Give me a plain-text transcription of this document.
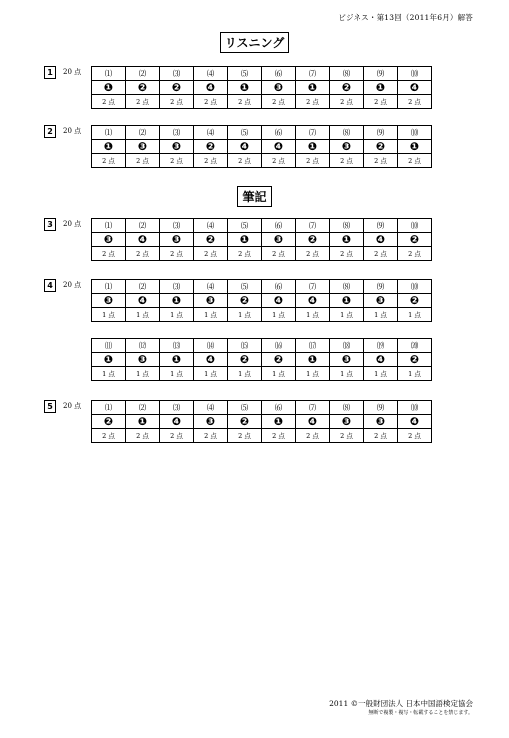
ビジネス・第13回（2011年6月）解答
リスニング
1	20 点	⑴	⑵	⑶	⑷	⑸	⑹	⑺	⑻	⑼	⑽
❶	❷	❷	❹	❶	❸	❶	❷	❶	❹
2 点	2 点	2 点	2 点	2 点	2 点	2 点	2 点	2 点	2 点
2	20 点	⑴	⑵	⑶	⑷	⑸	⑹	⑺	⑻	⑼	⑽
❶	❸	❸	❷	❹	❹	❶	❸	❷	❶
2 点	2 点	2 点	2 点	2 点	2 点	2 点	2 点	2 点	2 点
筆記
3	20 点	⑴	⑵	⑶	⑷	⑸	⑹	⑺	⑻	⑼	⑽
❸	❹	❸	❷	❶	❸	❷	❶	❹	❷
2 点	2 点	2 点	2 点	2 点	2 点	2 点	2 点	2 点	2 点
4	20 点	⑴	⑵	⑶	⑷	⑸	⑹	⑺	⑻	⑼	⑽
❸	❹	❶	❸	❷	❹	❹	❶	❸	❷
1 点	1 点	1 点	1 点	1 点	1 点	1 点	1 点	1 点	1 点
⑾	⑿	⒀	⒁	⒂	⒃	⒄	⒅	⒆	⒇
❶	❸	❶	❹	❷	❷	❶	❸	❹	❷
1 点	1 点	1 点	1 点	1 点	1 点	1 点	1 点	1 点	1 点
5	20 点	⑴	⑵	⑶	⑷	⑸	⑹	⑺	⑻	⑼	⑽
❷	❶	❹	❸	❷	❶	❹	❸	❸	❹
2 点	2 点	2 点	2 点	2 点	2 点	2 点	2 点	2 点	2 点
2011 ©一般財団法人 日本中国語検定協会
無断で複製・複写・転載することを禁じます。
